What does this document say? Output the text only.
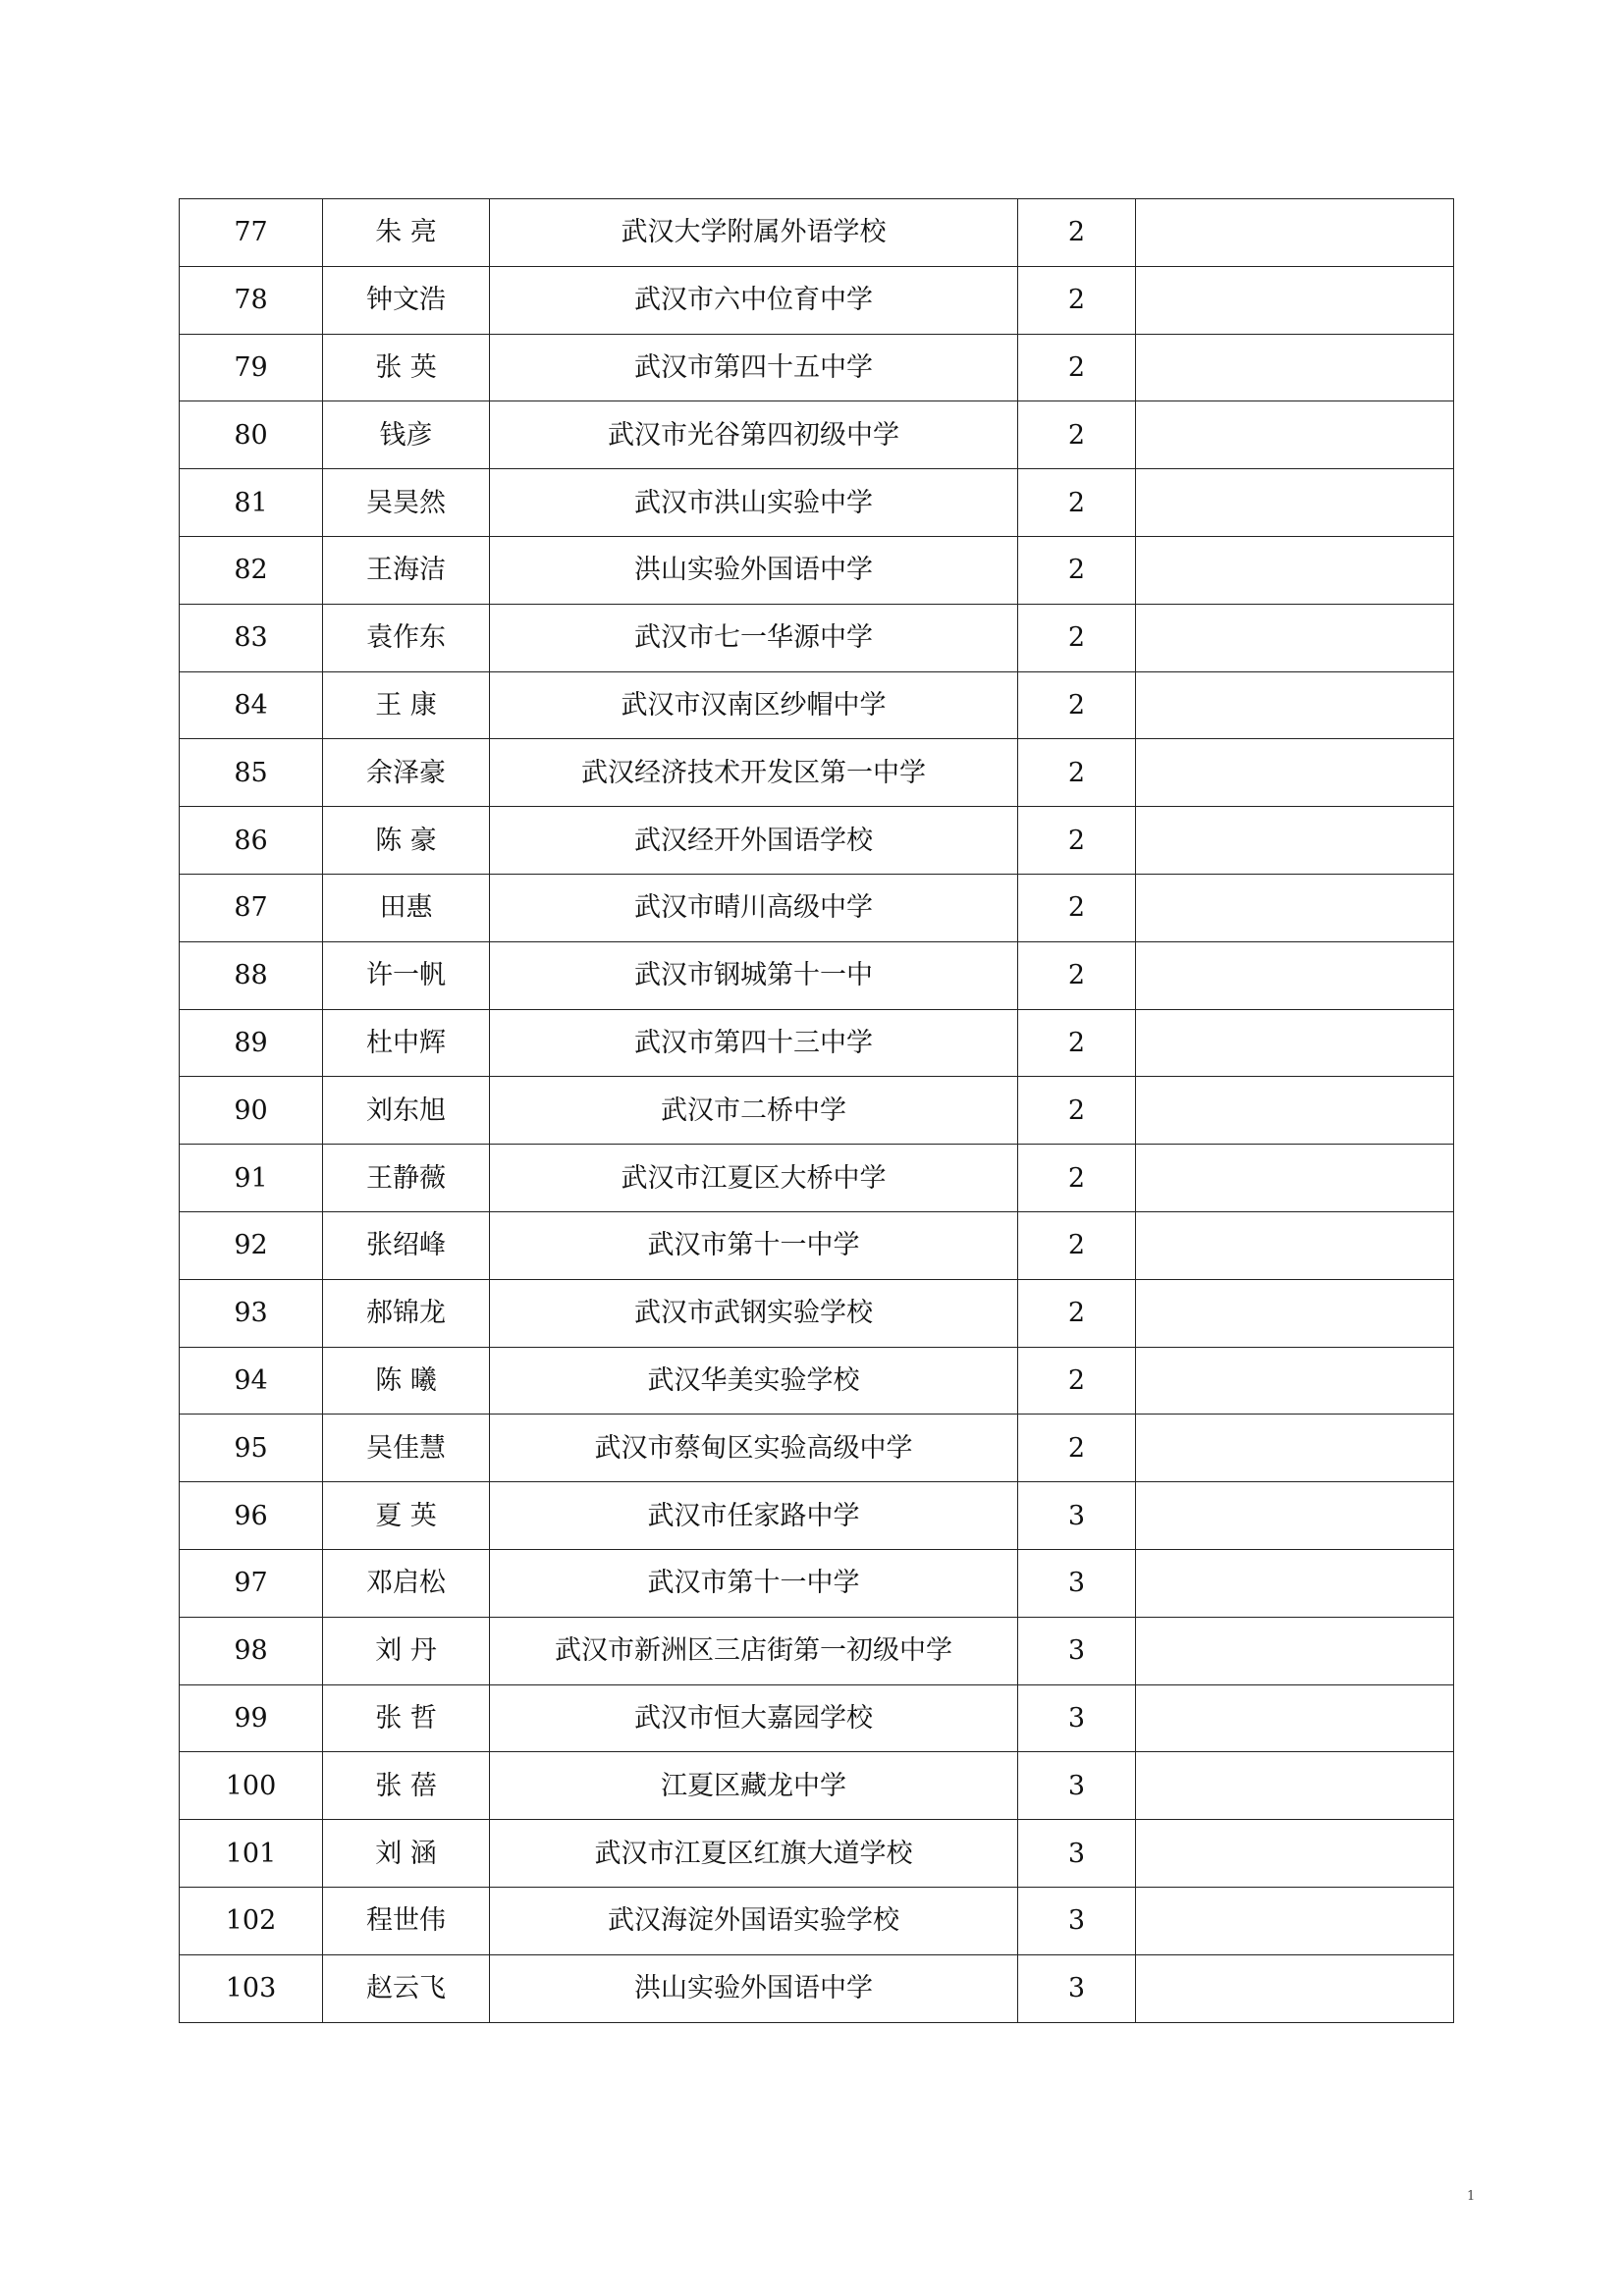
77	朱 亮	武汉大学附属外语学校	2	
78	钟文浩	武汉市六中位育中学	2	
79	张 英	武汉市第四十五中学	2	
80	钱彦	武汉市光谷第四初级中学	2	
81	吴昊然	武汉市洪山实验中学	2	
82	王海洁	洪山实验外国语中学	2	
83	袁作东	武汉市七一华源中学	2	
84	王 康	武汉市汉南区纱帽中学	2	
85	余泽豪	武汉经济技术开发区第一中学	2	
86	陈 豪	武汉经开外国语学校	2	
87	田惠	武汉市晴川高级中学	2	
88	许一帆	武汉市钢城第十一中	2	
89	杜中辉	武汉市第四十三中学	2	
90	刘东旭	武汉市二桥中学	2	
91	王静薇	武汉市江夏区大桥中学	2	
92	张绍峰	武汉市第十一中学	2	
93	郝锦龙	武汉市武钢实验学校	2	
94	陈 曦	武汉华美实验学校	2	
95	吴佳慧	武汉市蔡甸区实验高级中学	2	
96	夏 英	武汉市任家路中学	3	
97	邓启松	武汉市第十一中学	3	
98	刘 丹	武汉市新洲区三店街第一初级中学	3	
99	张 哲	武汉市恒大嘉园学校	3	
100	张 蓓	江夏区藏龙中学	3	
101	刘 涵	武汉市江夏区红旗大道学校	3	
102	程世伟	武汉海淀外国语实验学校	3	
103	赵云飞	洪山实验外国语中学	3	
1
